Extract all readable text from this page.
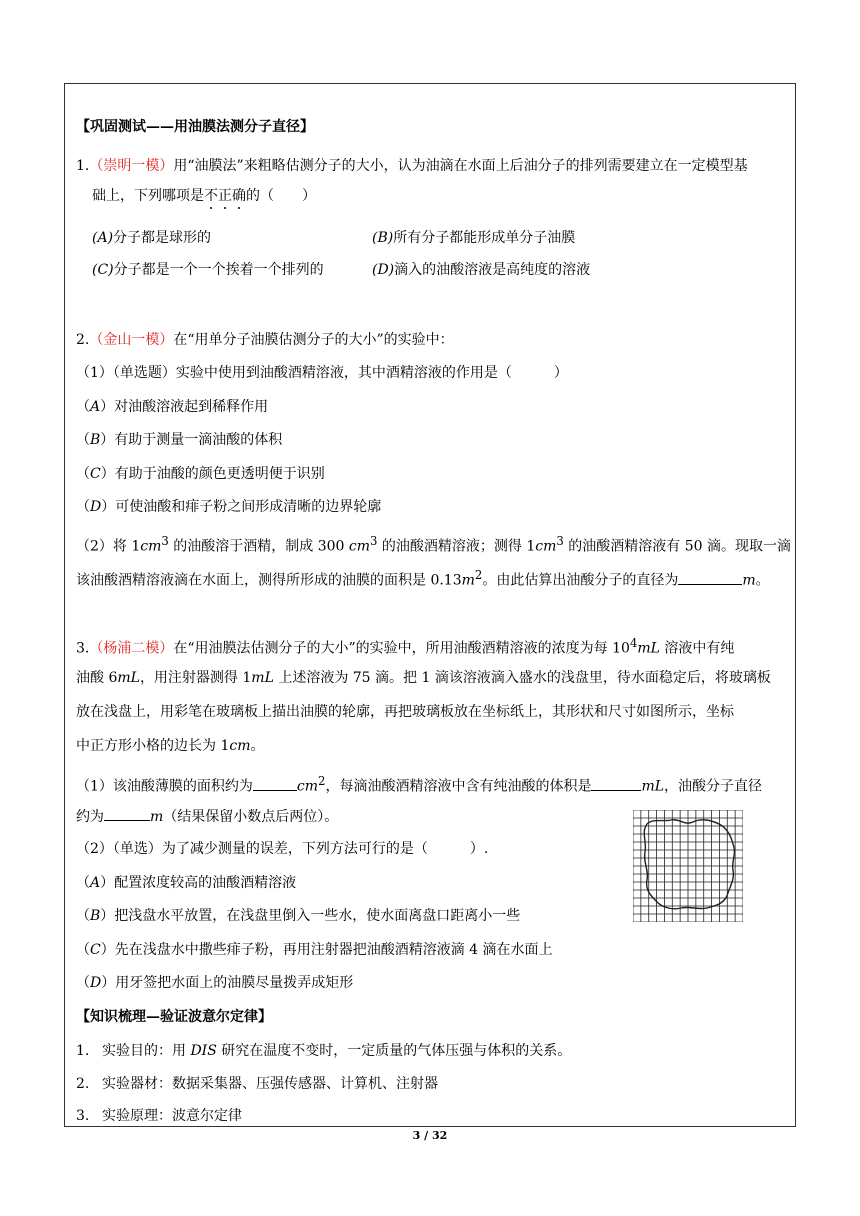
【巩固测试——用油膜法测分子直径】
1.（崇明一模）用“油膜法”来粗略估测分子的大小，认为油滴在水面上后油分子的排列需要建立在一定模型基
础上，下列哪项是不正确的（　　）
(A)分子都是球形的	(B)所有分子都能形成单分子油膜
(C)分子都是一个一个挨着一个排列的	(D)滴入的油酸溶液是高纯度的溶液
2.（金山一模）在“用单分子油膜估测分子的大小”的实验中：
（1）（单选题）实验中使用到油酸酒精溶液，其中酒精溶液的作用是（　　　）
（A）对油酸溶液起到稀释作用
（B）有助于测量一滴油酸的体积
（C）有助于油酸的颜色更透明便于识别
（D）可使油酸和痱子粉之间形成清晰的边界轮廓
（2）将 $1cm^3$ 的油酸溶于酒精，制成 300 $cm^3$ 的油酸酒精溶液；测得 $1cm^3$ 的油酸酒精溶液有 50 滴。现取一滴
该油酸酒精溶液滴在水面上，测得所形成的油膜的面积是 $0.13m^2$。由此估算出油酸分子的直径为	m。
3.（杨浦二模）在“用油膜法估测分子的大小”的实验中，所用油酸酒精溶液的浓度为每 $10^4mL$ 溶液中有纯
油酸 6mL，用注射器测得 1mL 上述溶液为 75 滴。把 1 滴该溶液滴入盛水的浅盘里，待水面稳定后，将玻璃板
放在浅盘上，用彩笔在玻璃板上描出油膜的轮廓，再把玻璃板放在坐标纸上，其形状和尺寸如图所示，坐标
中正方形小格的边长为 1cm。
（1）该油酸薄膜的面积约为	$cm^2$，每滴油酸酒精溶液中含有纯油酸的体积是	mL，油酸分子直径
约为	m（结果保留小数点后两位）。
（2）（单选）为了减少测量的误差，下列方法可行的是（　　　）.
（A）配置浓度较高的油酸酒精溶液
（B）把浅盘水平放置，在浅盘里倒入一些水，使水面离盘口距离小一些
（C）先在浅盘水中撒些痱子粉，再用注射器把油酸酒精溶液滴 4 滴在水面上
（D）用牙签把水面上的油膜尽量拨弄成矩形
【知识梳理—验证波意尔定律】
1. 实验目的：用 DIS 研究在温度不变时，一定质量的气体压强与体积的关系。
2. 实验器材：数据采集器、压强传感器、计算机、注射器
3. 实验原理：波意尔定律
3 / 32
